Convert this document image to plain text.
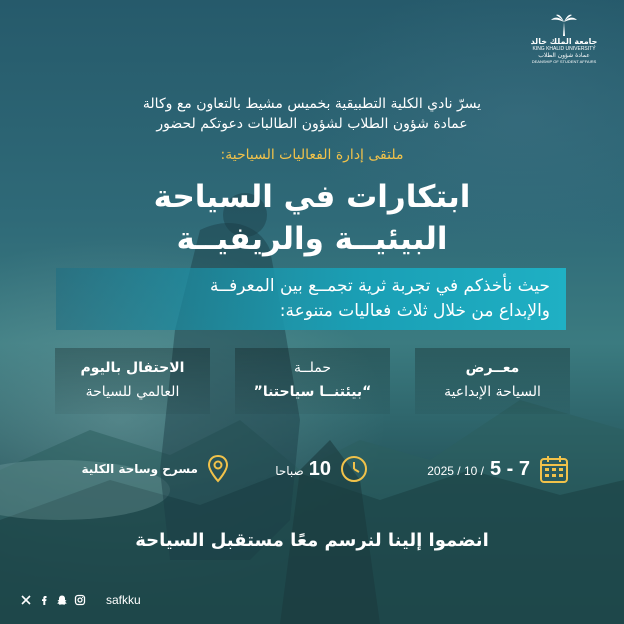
جامعة الملك خالد
KING KHALID UNIVERSITY
عمادة شؤون الطلاب
DEANSHIP OF STUDENT AFFAIRS
يسرّ نادي الكلية التطبيقية بخميس مشيط بالتعاون مع وكالة
عمادة شؤون الطلاب لشؤون الطالبات دعوتكم لحضور
ملتقى إدارة الفعاليات السياحية:
ابتكارات في السياحة
البيئيــة والريفيــة
حيث نأخذكم في تجربة ثرية تجمــع بين المعرفــة
والإبداع من خلال ثلاث فعاليات متنوعة:
معــرض
السياحة الإبداعية
حملــة
“بيئتنــا سياحتنا”
الاحتفال باليوم
العالمي للسياحة
2025 / 10 / 5 - 7
10
صباحا
مسرح وساحة الكلية
انضموا إلينا لنرسم معًا مستقبل السياحة
safkku
